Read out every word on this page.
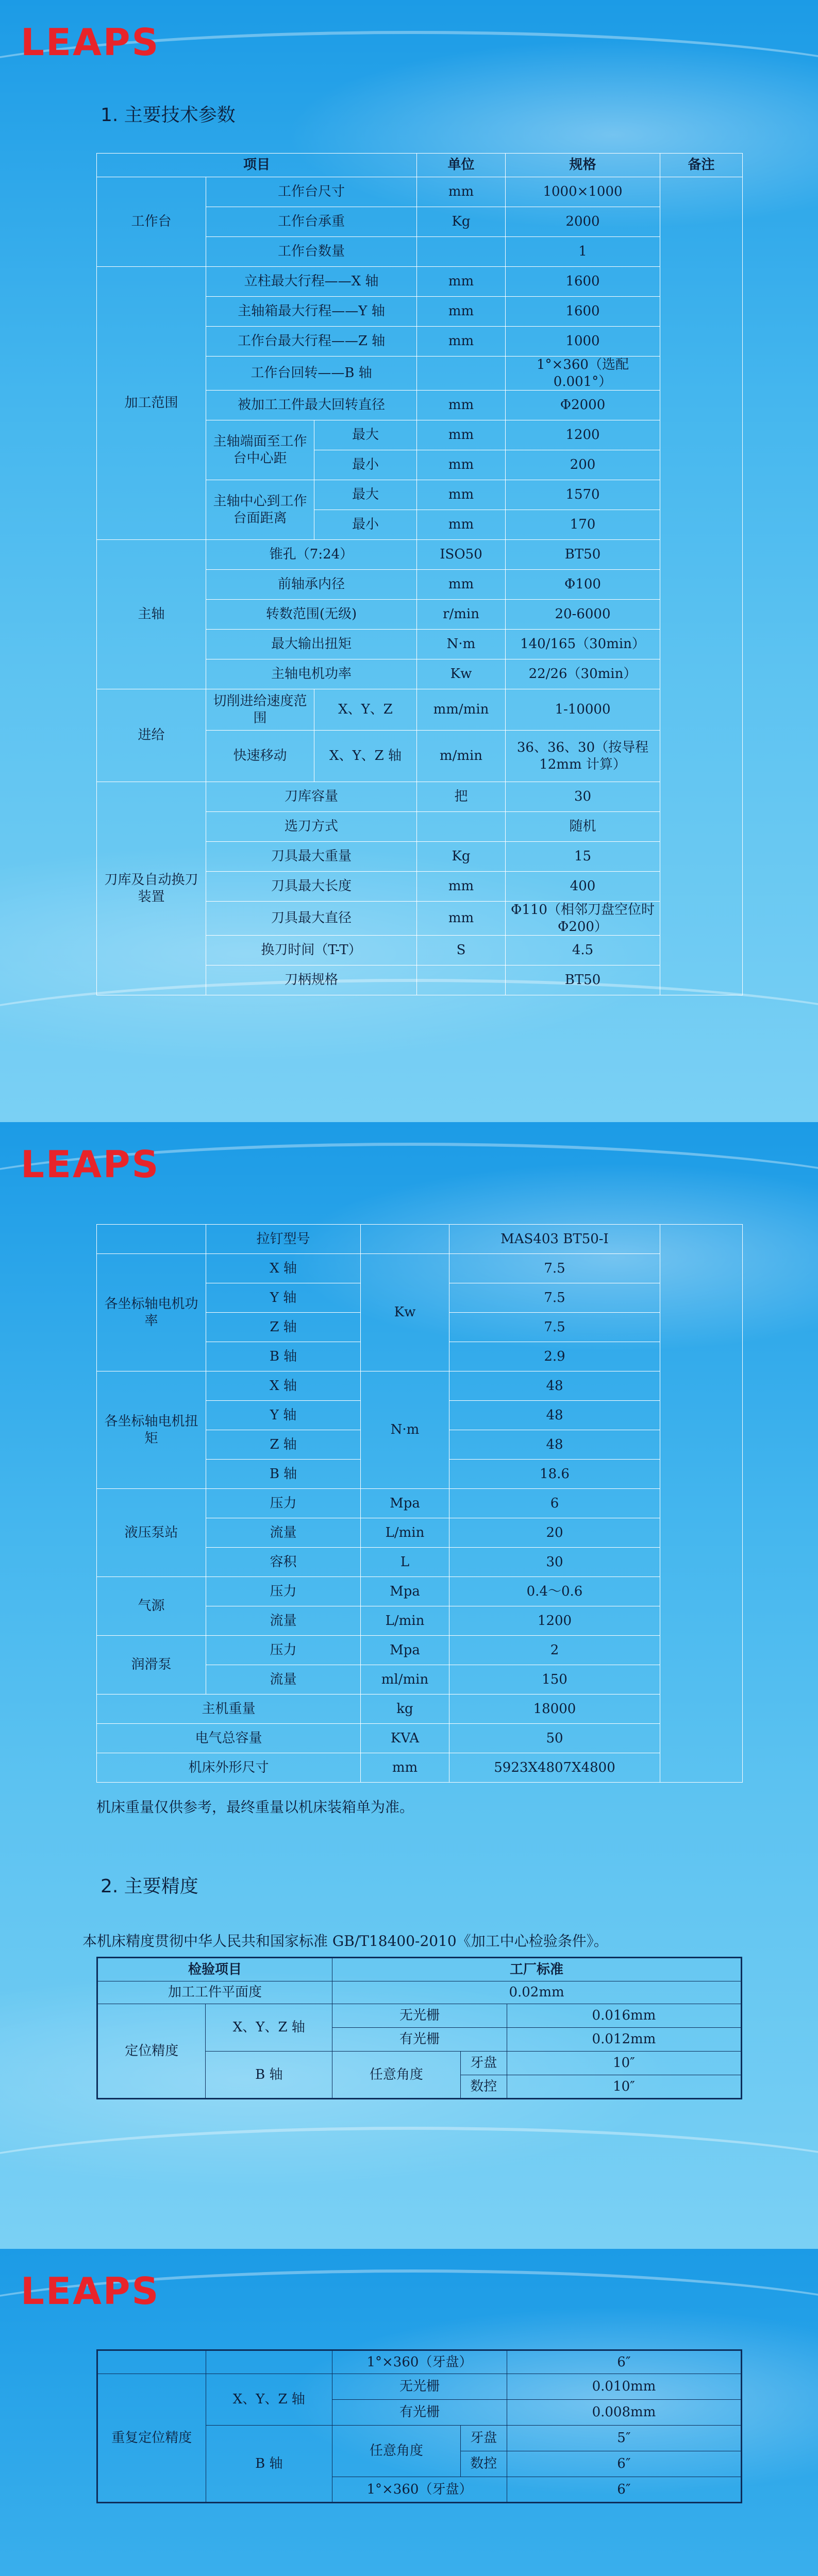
LEAPS
1. 主要技术参数
项目			单位	规格	备注
工作台	工作台尺寸		mm	1000×1000	
	工作台承重		Kg	2000	
	工作台数量			1	
加工范围	立柱最大行程——X 轴		mm	1600	
	主轴箱最大行程——Y 轴		mm	1600	
	工作台最大行程——Z 轴		mm	1000	
	工作台回转——B 轴			1°×360（选配 0.001°）	
	被加工工件最大回转直径		mm	Φ2000	
	主轴端面至工作台中心距	最大	mm	1200	
		最小	mm	200	
	主轴中心到工作台面距离	最大	mm	1570	
		最小	mm	170	
主轴	锥孔（7:24）		ISO50	BT50	
	前轴承内径		mm	Φ100	
	转数范围(无级)		r/min	20-6000	
	最大输出扭矩		N·m	140/165（30min）	
	主轴电机功率		Kw	22/26（30min）	
进给	切削进给速度范围	X、Y、Z	mm/min	1-10000	
	快速移动	X、Y、Z 轴	m/min	36、36、30（按导程 12mm 计算）	
刀库及自动换刀装置	刀库容量		把	30	
	选刀方式			随机	
	刀具最大重量		Kg	15	
	刀具最大长度		mm	400	
	刀具最大直径		mm	Φ110（相邻刀盘空位时 Φ200）	
	换刀时间（T-T）		S	4.5	
	刀柄规格			BT50	
LEAPS
	拉钉型号		MAS403 BT50-I	
各坐标轴电机功率	X 轴	Kw	7.5	
	Y 轴		7.5	
	Z 轴		7.5	
	B 轴		2.9	
各坐标轴电机扭矩	X 轴	N·m	48	
	Y 轴		48	
	Z 轴		48	
	B 轴		18.6	
液压泵站	压力	Mpa	6	
	流量	L/min	20	
	容积	L	30	
气源	压力	Mpa	0.4～0.6	
	流量	L/min	1200	
润滑泵	压力	Mpa	2	
	流量	ml/min	150	
主机重量		kg	18000	
电气总容量		KVA	50	
机床外形尺寸		mm	5923X4807X4800	
机床重量仅供参考，最终重量以机床装箱单为准。
2. 主要精度
本机床精度贯彻中华人民共和国家标准 GB/T18400-2010《加工中心检验条件》。
检验项目		工厂标准		
加工工件平面度		0.02mm		
定位精度	X、Y、Z 轴	无光栅		0.016mm
		有光栅		0.012mm
	B 轴	任意角度	牙盘	10″
			数控	10″
LEAPS
		1°×360（牙盘）		6″
重复定位精度	X、Y、Z 轴	无光栅		0.010mm
		有光栅		0.008mm
	B 轴	任意角度	牙盘	5″
			数控	6″
		1°×360（牙盘）		6″
